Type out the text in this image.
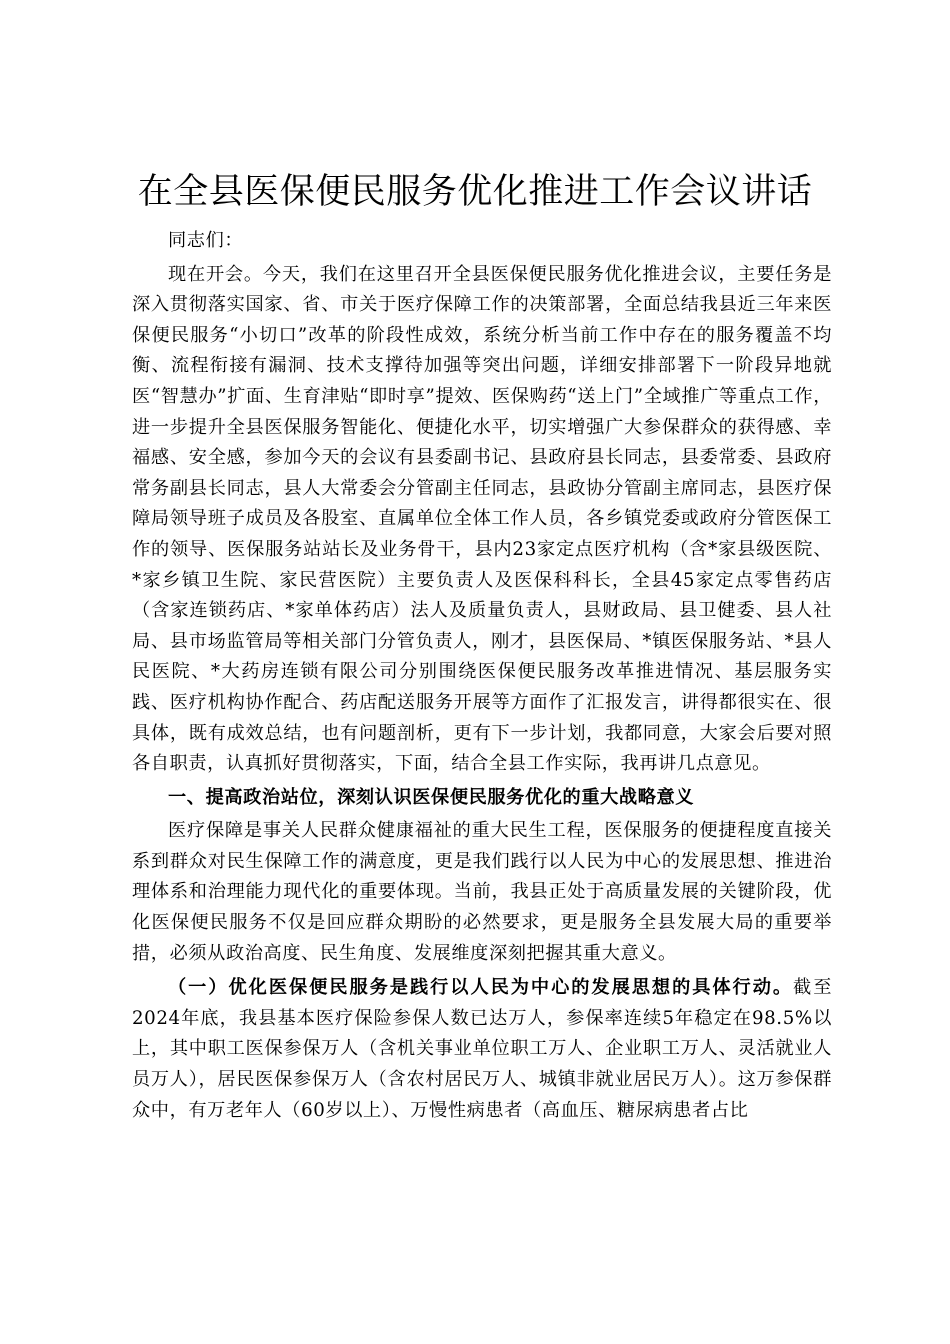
在全县医保便民服务优化推进工作会议讲话

同志们：

现在开会。今天，我们在这里召开全县医保便民服务优化推进会议，主要任务是深入贯彻落实国家、省、市关于医疗保障工作的决策部署，全面总结我县近三年来医保便民服务“小切口”改革的阶段性成效，系统分析当前工作中存在的服务覆盖不均衡、流程衔接有漏洞、技术支撑待加强等突出问题，详细安排部署下一阶段异地就医“智慧办”扩面、生育津贴“即时享”提效、医保购药“送上门”全域推广等重点工作，进一步提升全县医保服务智能化、便捷化水平，切实增强广大参保群众的获得感、幸福感、安全感，参加今天的会议有县委副书记、县政府县长同志，县委常委、县政府常务副县长同志，县人大常委会分管副主任同志，县政协分管副主席同志，县医疗保障局领导班子成员及各股室、直属单位全体工作人员，各乡镇党委或政府分管医保工作的领导、医保服务站站长及业务骨干，县内23家定点医疗机构（含*家县级医院、*家乡镇卫生院、家民营医院）主要负责人及医保科科长，全县45家定点零售药店（含家连锁药店、*家单体药店）法人及质量负责人，县财政局、县卫健委、县人社局、县市场监管局等相关部门分管负责人，刚才，县医保局、*镇医保服务站、*县人民医院、*大药房连锁有限公司分别围绕医保便民服务改革推进情况、基层服务实践、医疗机构协作配合、药店配送服务开展等方面作了汇报发言，讲得都很实在、很具体，既有成效总结，也有问题剖析，更有下一步计划，我都同意，大家会后要对照各自职责，认真抓好贯彻落实，下面，结合全县工作实际，我再讲几点意见。

一、提高政治站位，深刻认识医保便民服务优化的重大战略意义

医疗保障是事关人民群众健康福祉的重大民生工程，医保服务的便捷程度直接关系到群众对民生保障工作的满意度，更是我们践行以人民为中心的发展思想、推进治理体系和治理能力现代化的重要体现。当前，我县正处于高质量发展的关键阶段，优化医保便民服务不仅是回应群众期盼的必然要求，更是服务全县发展大局的重要举措，必须从政治高度、民生角度、发展维度深刻把握其重大意义。

（一）优化医保便民服务是践行以人民为中心的发展思想的具体行动。截至2024年底，我县基本医疗保险参保人数已达万人，参保率连续5年稳定在98.5%以上，其中职工医保参保万人（含机关事业单位职工万人、企业职工万人、灵活就业人员万人），居民医保参保万人（含农村居民万人、城镇非就业居民万人）。这万参保群众中，有万老年人（60岁以上）、万慢性病患者（高血压、糖尿病患者占比
